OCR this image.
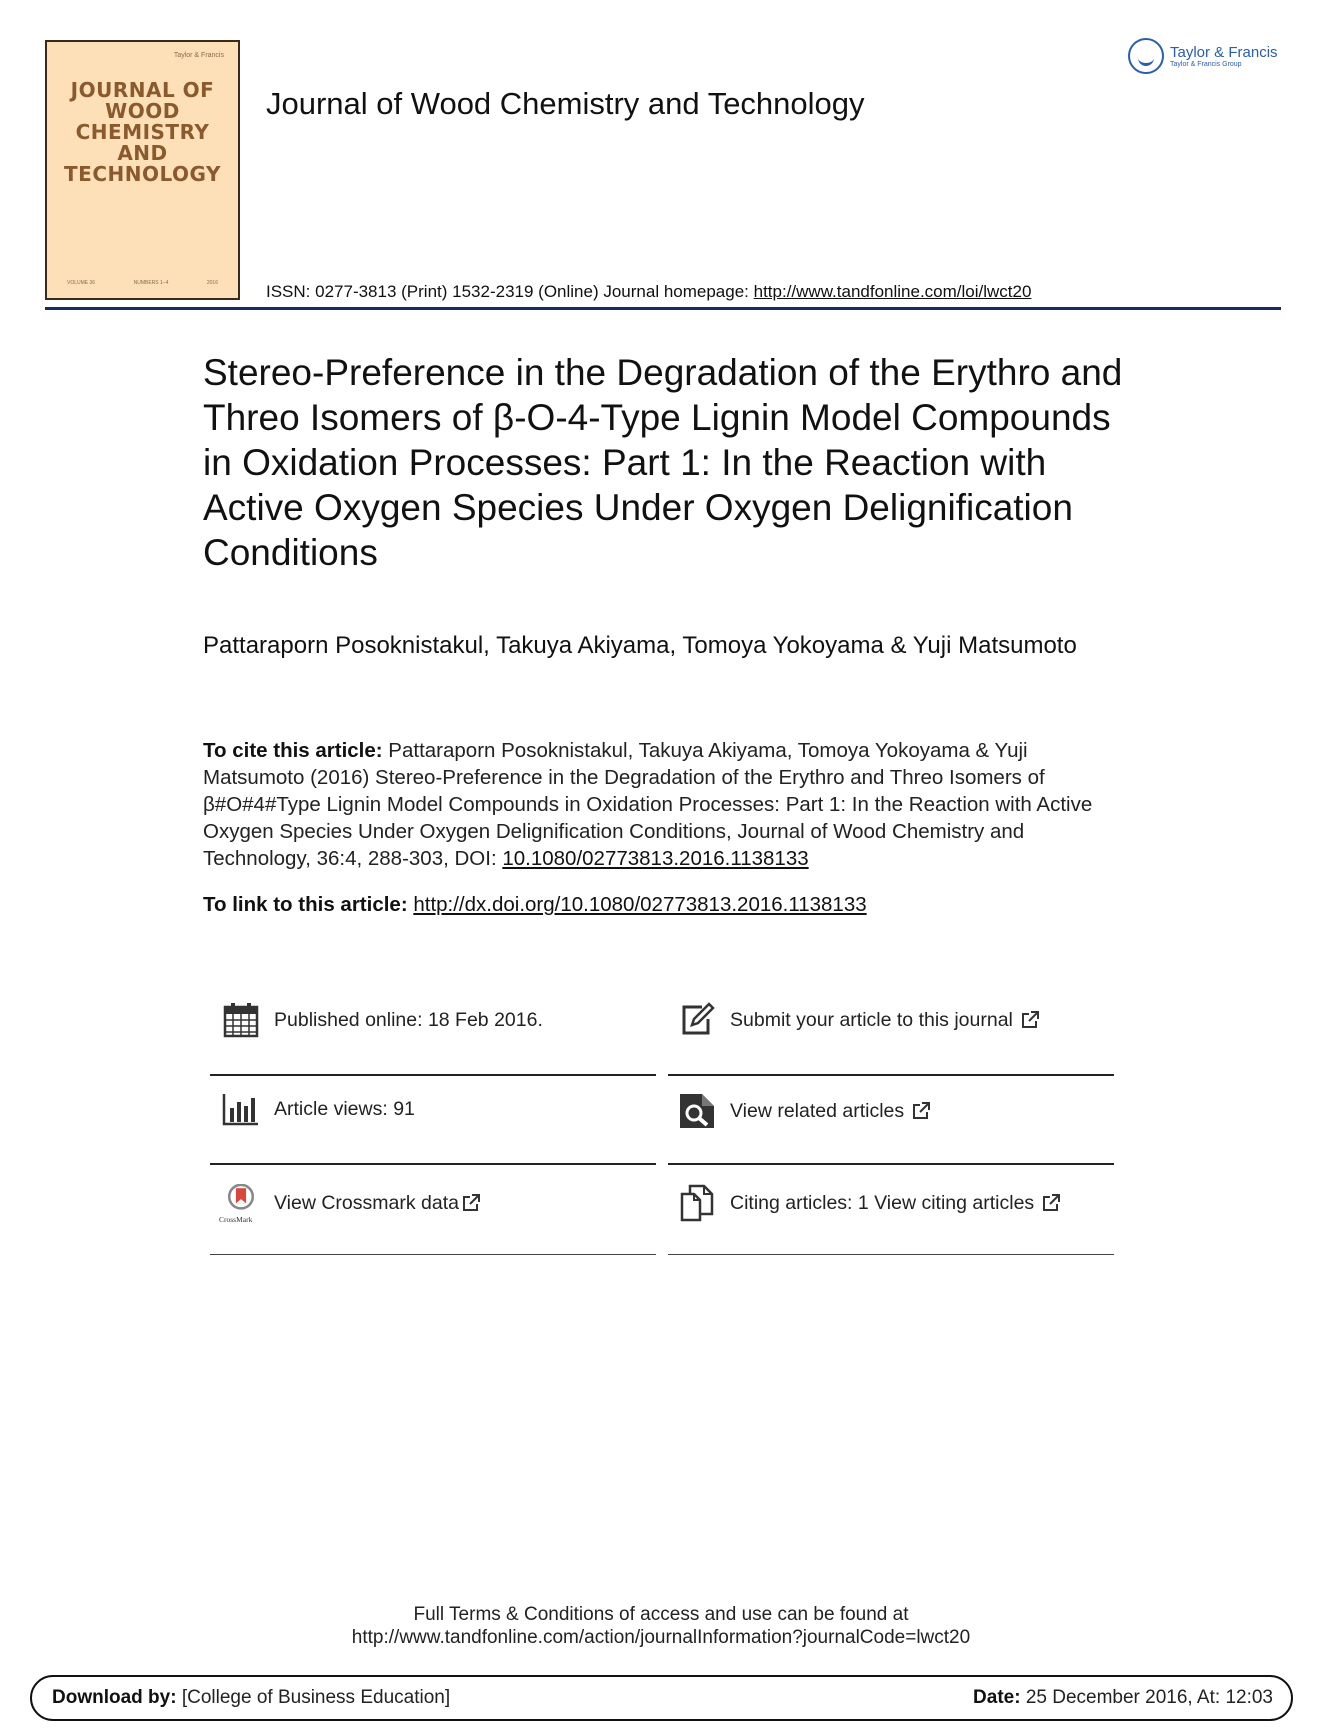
Taylor & Francis
JOURNAL OF
WOOD
CHEMISTRY
AND
TECHNOLOGY
VOLUME 36	NUMBERS 1–4	2016
Journal of Wood Chemistry and Technology
Taylor & Francis
Taylor & Francis Group
ISSN: 0277-3813 (Print) 1532-2319 (Online) Journal homepage: http://www.tandfonline.com/loi/lwct20
Stereo-Preference in the Degradation of the Erythro and Threo Isomers of β-O-4-Type Lignin Model Compounds in Oxidation Processes: Part 1: In the Reaction with Active Oxygen Species Under Oxygen Delignification Conditions
Pattaraporn Posoknistakul, Takuya Akiyama, Tomoya Yokoyama & Yuji Matsumoto
To cite this article: Pattaraporn Posoknistakul, Takuya Akiyama, Tomoya Yokoyama & Yuji Matsumoto (2016) Stereo-Preference in the Degradation of the Erythro and Threo Isomers of β#O#4#Type Lignin Model Compounds in Oxidation Processes: Part 1: In the Reaction with Active Oxygen Species Under Oxygen Delignification Conditions, Journal of Wood Chemistry and Technology, 36:4, 288-303, DOI: 10.1080/02773813.2016.1138133
To link to this article: http://dx.doi.org/10.1080/02773813.2016.1138133
Published online: 18 Feb 2016.	Submit your article to this journal
Article views: 91	View related articles
CrossMark
View Crossmark data	Citing articles: 1 View citing articles
Full Terms & Conditions of access and use can be found at
http://www.tandfonline.com/action/journalInformation?journalCode=lwct20
Download by: [College of Business Education]	Date: 25 December 2016, At: 12:03
